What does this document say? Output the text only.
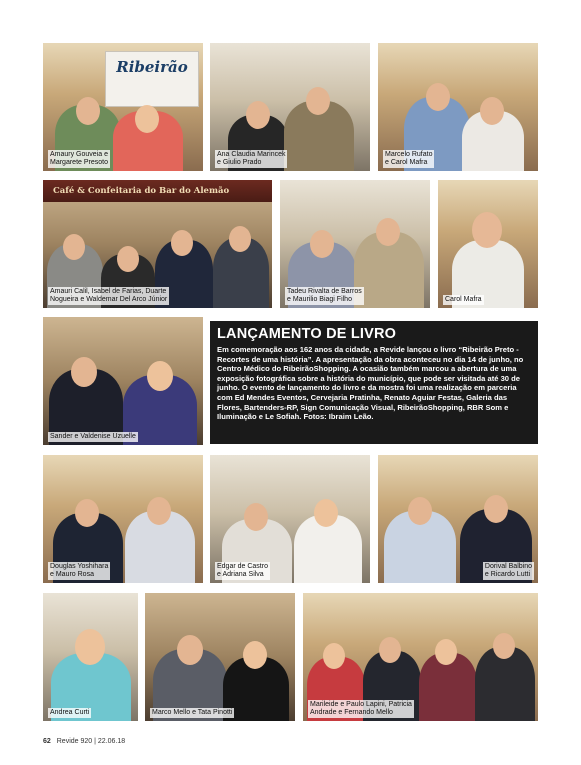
Ribeirão
Amaury Gouveia e
Margarete Presoto
Ana Claudia Marincek
e Giulio Prado
Marcelo Rufato
e Carol Mafra
Café & Confeitaria do Bar do Alemão
Amauri Calil, Isabel de Farias, Duarte
Nogueira e Waldemar Del Arco Júnior
Tadeu Rivalta de Barros
e Maurilio Biagi Filho	Carol Mafra
Sander e Valdenise Uzuelle
LANÇAMENTO DE LIVRO

Em comemoração aos 162 anos da cidade, a Revide lançou o livro “Ribeirão Preto - Recortes de uma história”. A apresentação da obra aconteceu no dia 14 de junho, no Centro Médico do RibeirãoShopping. A ocasião também marcou a abertura de uma exposição fotográfica sobre a história do município, que pode ser visitada até 30 de junho. O evento de lançamento do livro e da mostra foi uma realização em parceria com Ed Mendes Eventos, Cervejaria Pratinha, Renato Aguiar Festas, Galeria das Flores, Bartenders-RP, Sign Comunicação Visual, RibeirãoShopping, RBR Som e Iluminação e Le Sofiah. Fotos: Ibraim Leão.

Douglas Yoshihara
e Mauro Rosa
Edgar de Castro
e Adriana Silva
Dorival Balbino
e Ricardo Lutti
Andrea Curti	Marco Mello e Tata Pinotti
Marileide e Paulo Lapini, Patricia
Andrade e Fernando Mello
62 Revide 920 | 22.06.18
